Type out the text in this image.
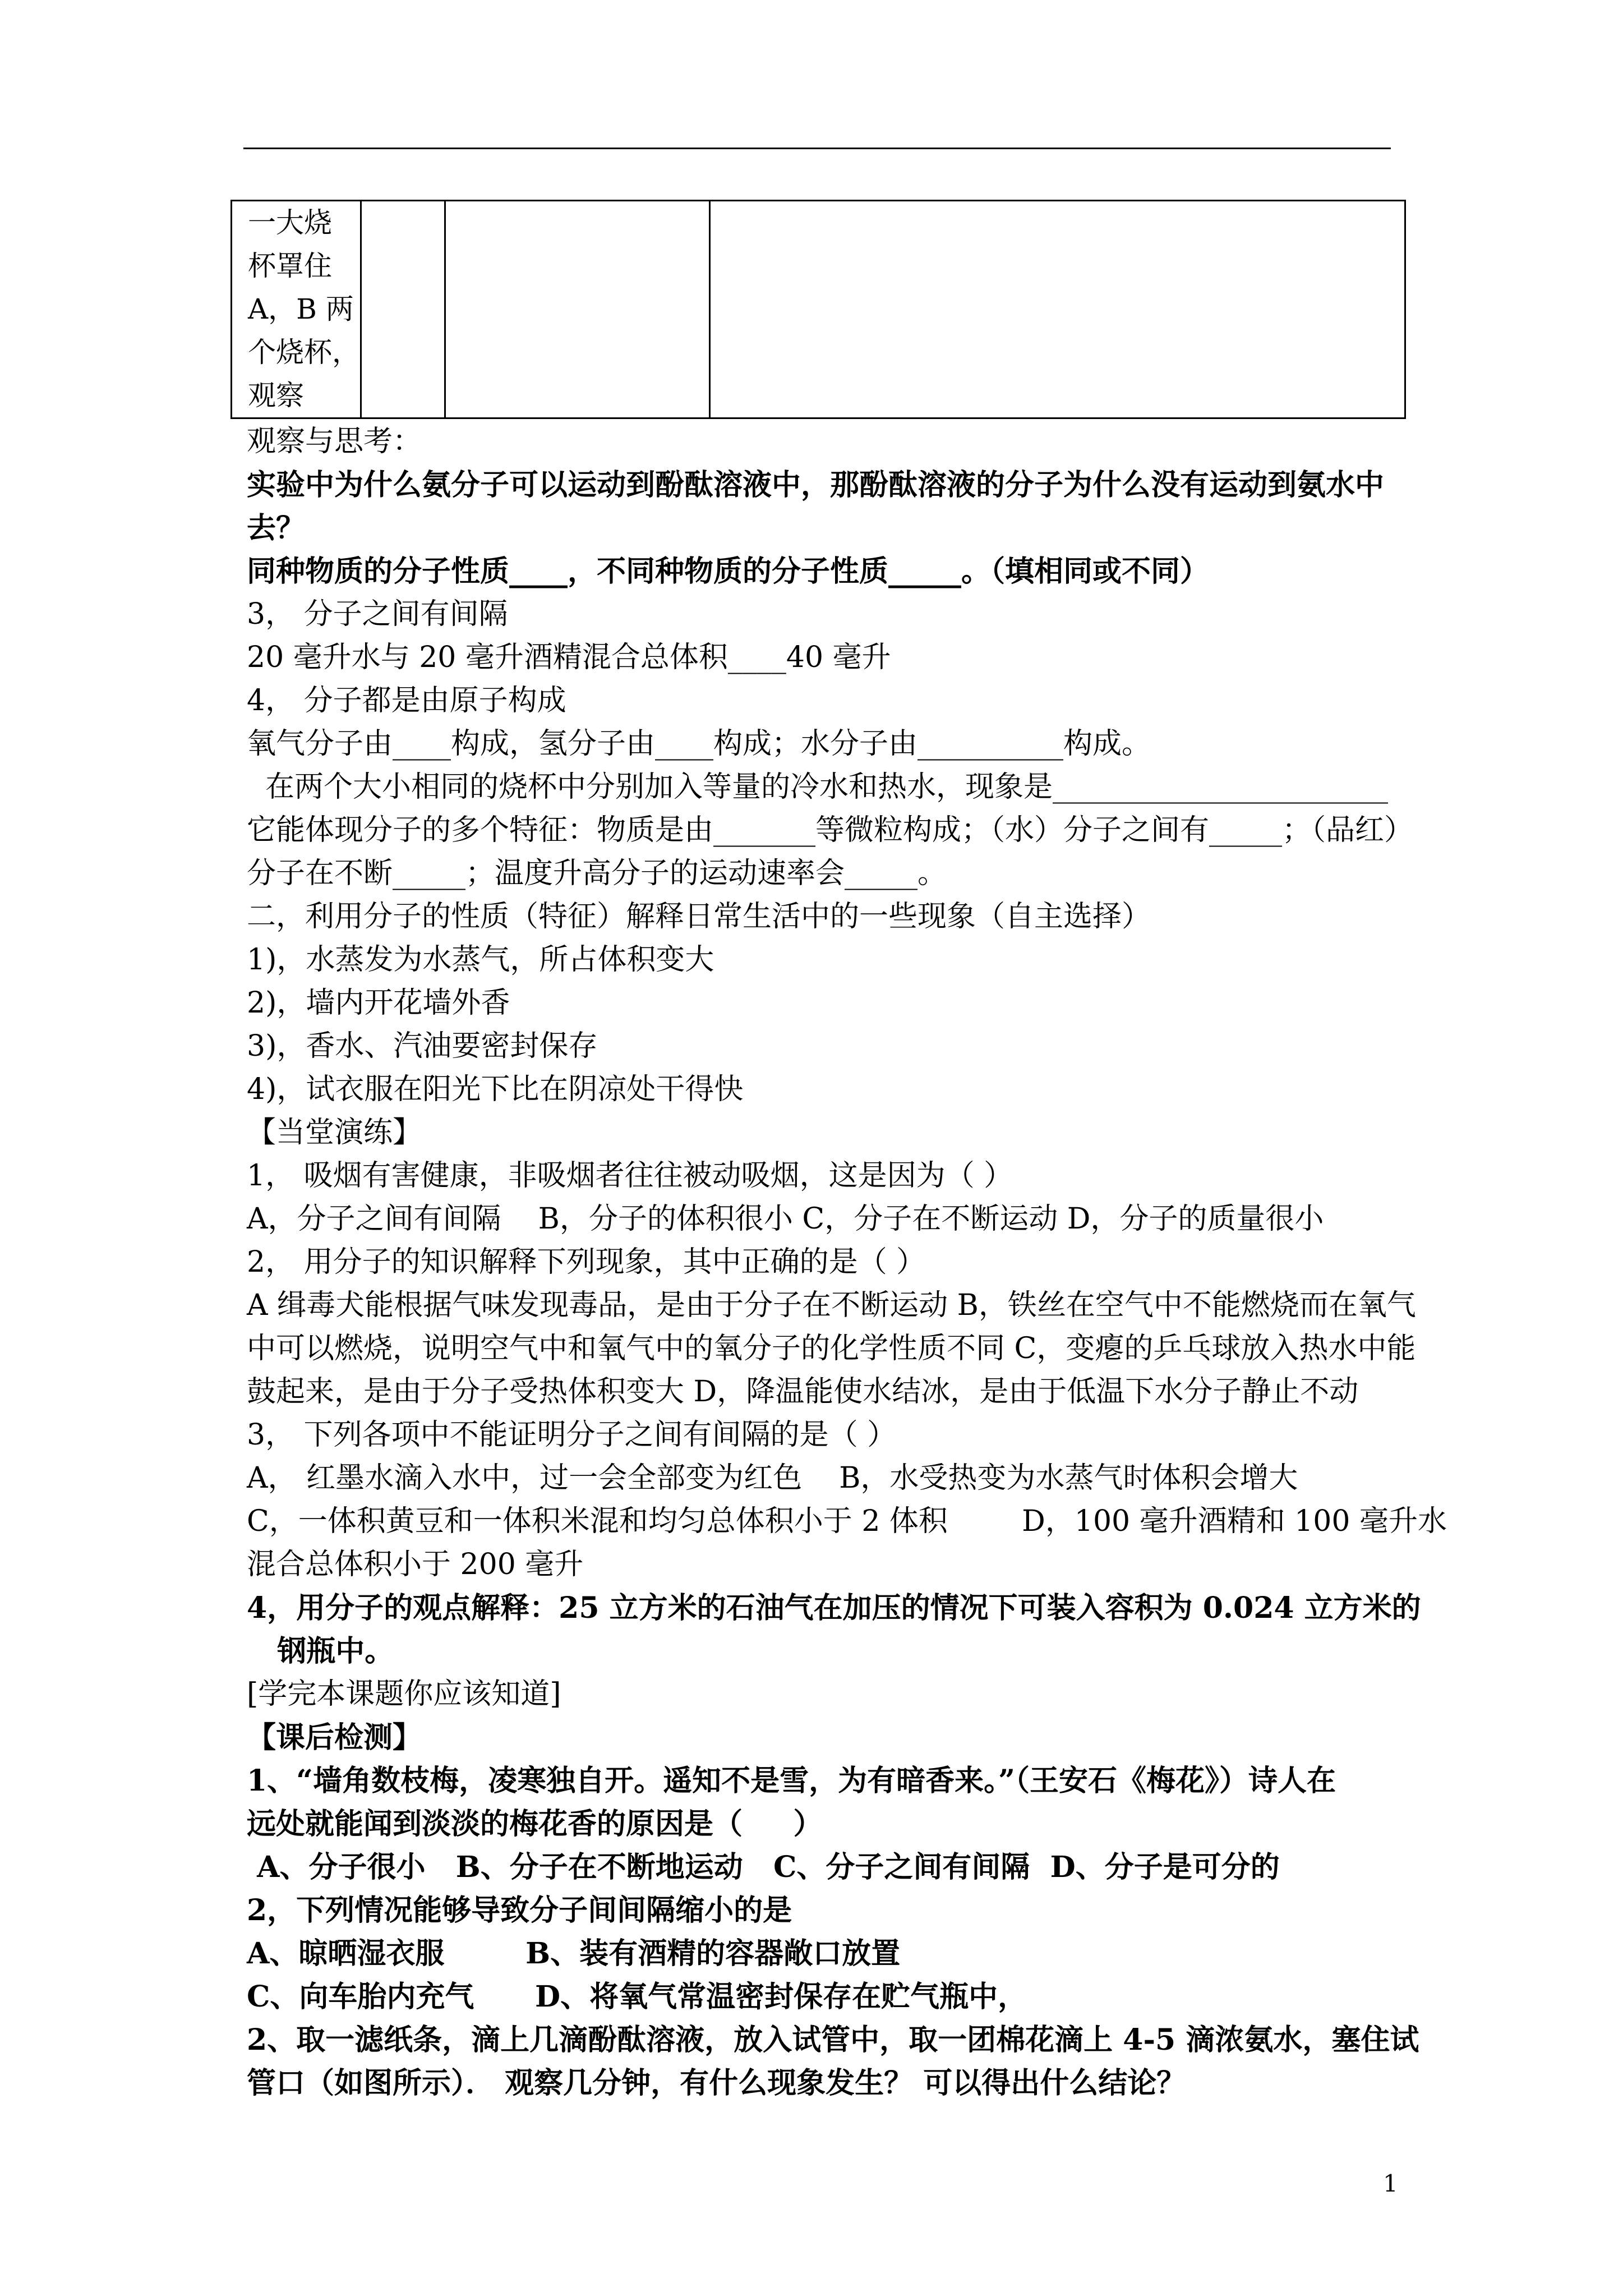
一大烧
杯罩住
A，B 两
个烧杯，
观察

观察与思考：
实验中为什么氨分子可以运动到酚酞溶液中，那酚酞溶液的分子为什么没有运动到氨水中
去？
同种物质的分子性质____，不同种物质的分子性质_____。（填相同或不同）
3， 分子之间有间隔
20 毫升水与 20 毫升酒精混合总体积____40 毫升
4， 分子都是由原子构成
氧气分子由____构成，氢分子由____构成；水分子由__________构成。
在两个大小相同的烧杯中分别加入等量的冷水和热水，现象是_______________________
它能体现分子的多个特征：物质是由_______等微粒构成；（水）分子之间有_____；（品红）
分子在不断_____；温度升高分子的运动速率会_____。
二，利用分子的性质（特征）解释日常生活中的一些现象（自主选择）
1)，水蒸发为水蒸气，所占体积变大
2)，墙内开花墙外香
3)，香水、汽油要密封保存
4)，试衣服在阳光下比在阴凉处干得快
【当堂演练】
1， 吸烟有害健康，非吸烟者往往被动吸烟，这是因为（ ）
A，分子之间有间隔    B，分子的体积很小 C，分子在不断运动 D，分子的质量很小
2， 用分子的知识解释下列现象，其中正确的是（ ）
A 缉毒犬能根据气味发现毒品，是由于分子在不断运动 B，铁丝在空气中不能燃烧而在氧气
中可以燃烧，说明空气中和氧气中的氧分子的化学性质不同 C，变瘪的乒乓球放入热水中能
鼓起来，是由于分子受热体积变大 D，降温能使水结冰，是由于低温下水分子静止不动
3， 下列各项中不能证明分子之间有间隔的是（ ）
A， 红墨水滴入水中，过一会全部变为红色    B，水受热变为水蒸气时体积会增大
C，一体积黄豆和一体积米混和均匀总体积小于 2 体积        D，100 毫升酒精和 100 毫升水
混合总体积小于 200 毫升
4，用分子的观点解释：25 立方米的石油气在加压的情况下可装入容积为 0.024 立方米的
钢瓶中。
[学完本课题你应该知道]
【课后检测】
1、“墙角数枝梅，凌寒独自开。遥知不是雪，为有暗香来。”（王安石《梅花》）诗人在
远处就能闻到淡淡的梅花香的原因是（     ）
A、分子很小   B、分子在不断地运动   C、分子之间有间隔  D、分子是可分的
2，下列情况能够导致分子间间隔缩小的是
A、晾晒湿衣服        B、装有酒精的容器敞口放置
C、向车胎内充气      D、将氧气常温密封保存在贮气瓶中，
2、取一滤纸条，滴上几滴酚酞溶液，放入试管中，取一团棉花滴上 4-5 滴浓氨水，塞住试
管口（如图所示）． 观察几分钟，有什么现象发生？ 可以得出什么结论？
1
